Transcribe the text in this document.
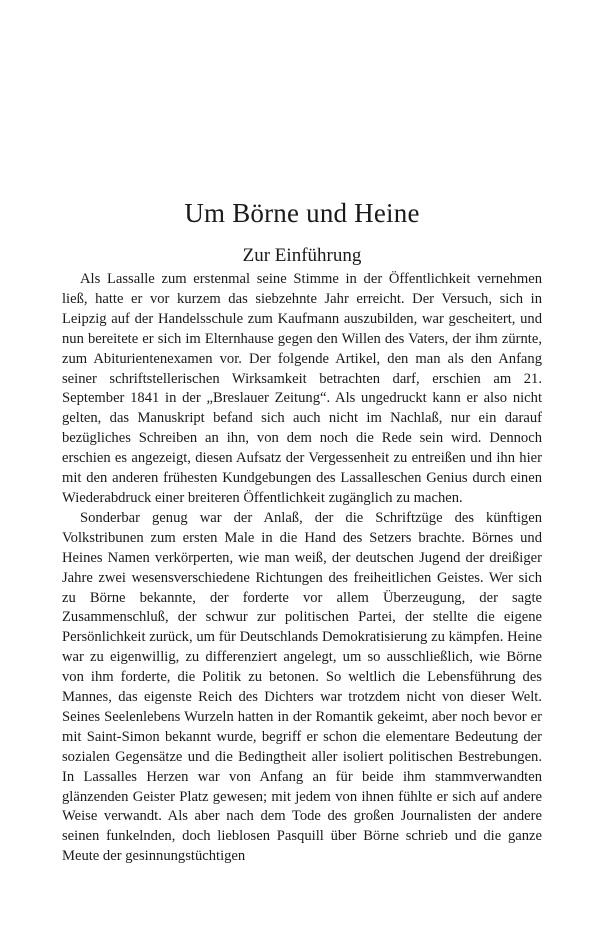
Um Börne und Heine
Zur Einführung

Als Lassalle zum erstenmal seine Stimme in der Öffentlichkeit vernehmen ließ, hatte er vor kurzem das siebzehnte Jahr erreicht. Der Versuch, sich in Leipzig auf der Handelsschule zum Kaufmann auszubilden, war gescheitert, und nun bereitete er sich im Elternhause gegen den Willen des Vaters, der ihm zürnte, zum Abiturientenexamen vor. Der folgende Artikel, den man als den Anfang seiner schriftstellerischen Wirksamkeit betrachten darf, erschien am 21. September 1841 in der „Breslauer Zeitung“. Als ungedruckt kann er also nicht gelten, das Manuskript befand sich auch nicht im Nachlaß, nur ein darauf bezügliches Schreiben an ihn, von dem noch die Rede sein wird. Dennoch erschien es angezeigt, diesen Aufsatz der Vergessenheit zu entreißen und ihn hier mit den anderen frühesten Kundgebungen des Lassalleschen Genius durch einen Wiederabdruck einer breiteren Öffentlichkeit zugänglich zu machen.

Sonderbar genug war der Anlaß, der die Schriftzüge des künftigen Volkstribunen zum ersten Male in die Hand des Setzers brachte. Börnes und Heines Namen verkörperten, wie man weiß, der deutschen Jugend der dreißiger Jahre zwei wesensverschiedene Richtungen des freiheitlichen Geistes. Wer sich zu Börne bekannte, der forderte vor allem Überzeugung, der sagte Zusammenschluß, der schwur zur politischen Partei, der stellte die eigene Persönlichkeit zurück, um für Deutschlands Demokratisierung zu kämpfen. Heine war zu eigenwillig, zu differenziert angelegt, um so ausschließlich, wie Börne von ihm forderte, die Politik zu betonen. So weltlich die Lebensführung des Mannes, das eigenste Reich des Dichters war trotzdem nicht von dieser Welt. Seines Seelenlebens Wurzeln hatten in der Romantik gekeimt, aber noch bevor er mit Saint-Simon bekannt wurde, begriff er schon die elementare Bedeutung der sozialen Gegensätze und die Bedingtheit aller isoliert politischen Bestrebungen. In Lassalles Herzen war von Anfang an für beide ihm stammverwandten glänzenden Geister Platz gewesen; mit jedem von ihnen fühlte er sich auf andere Weise verwandt. Als aber nach dem Tode des großen Journalisten der andere seinen funkelnden, doch lieblosen Pasquill über Börne schrieb und die ganze Meute der gesinnungstüchtigen
